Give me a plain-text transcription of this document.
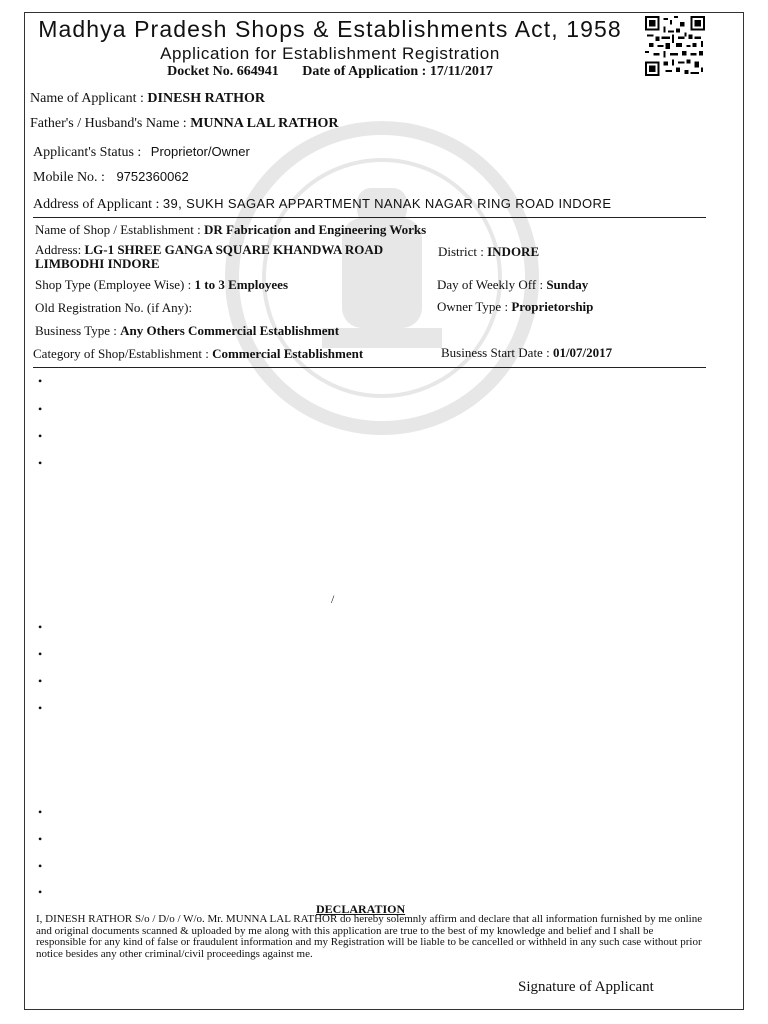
Madhya Pradesh Shops & Establishments Act, 1958
Application for Establishment Registration
Docket No. 664941 Date of Application : 17/11/2017
Name of Applicant : DINESH RATHOR
Father's / Husband's Name : MUNNA LAL RATHOR
Applicant's Status : Proprietor/Owner
Mobile No. : 9752360062
Address of Applicant : 39, SUKH SAGAR APPARTMENT NANAK NAGAR RING ROAD INDORE
Name of Shop / Establishment : DR Fabrication and Engineering Works
Address: LG-1 SHREE GANGA SQUARE KHANDWA ROAD
LIMBODHI INDORE
District : INDORE
Shop Type (Employee Wise) : 1 to 3 Employees	Day of Weekly Off : Sunday
Old Registration No. (if Any):	Owner Type : Proprietorship
Business Type : Any Others Commercial Establishment
Category of Shop/Establishment : Commercial Establishment	Business Start Date : 01/07/2017
•
•
•
•
/
•
•
•
•
•
•
•
•
DECLARATION
I, DINESH RATHOR S/o / D/o / W/o. Mr. MUNNA LAL RATHOR do hereby solemnly affirm and declare that all information furnished by me online and original documents scanned & uploaded by me along with this application are true to the best of my knowledge and belief and I shall be responsible for any kind of false or fraudulent information and my Registration will be liable to be cancelled or withheld in any such case without prior notice besides any other criminal/civil proceedings against me.
Signature of Applicant
